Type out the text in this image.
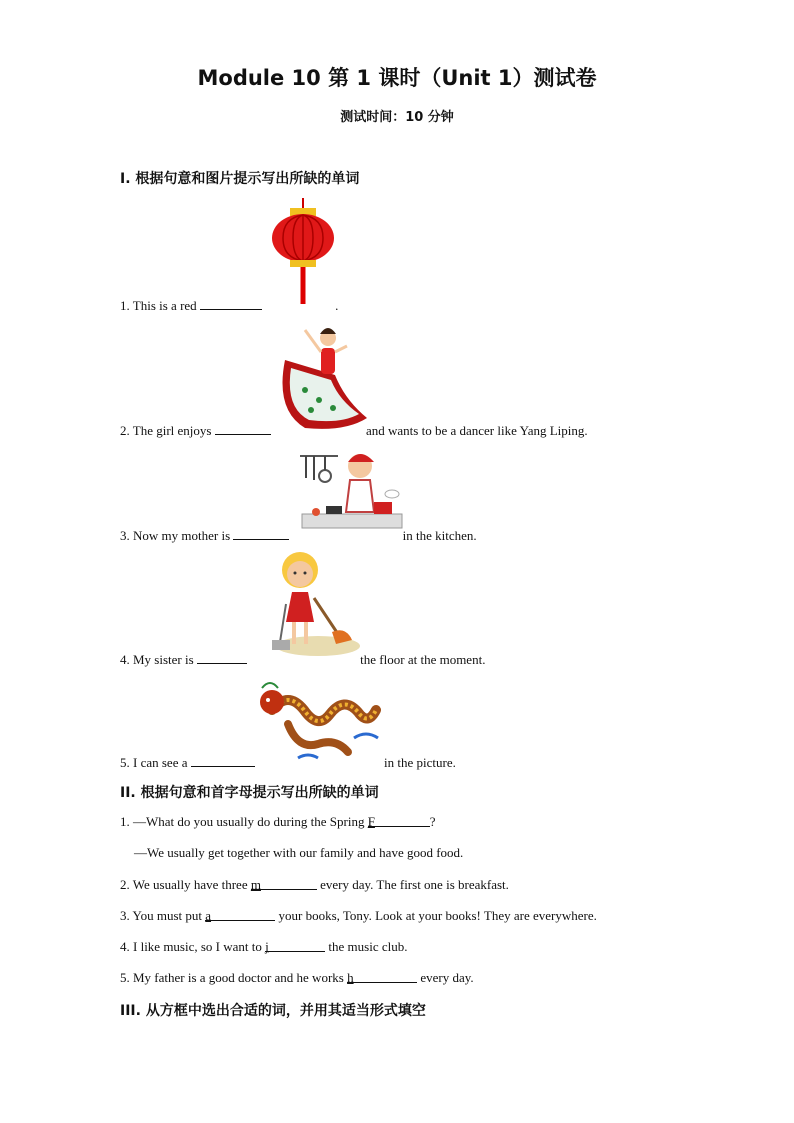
Module 10 第 1 课时（Unit 1）测试卷
测试时间：10 分钟
I. 根据句意和图片提示写出所缺的单词
1. This is a red	.
2. The girl enjoys	and wants to be a dancer like Yang Liping.
3. Now my mother is	in the kitchen.
4. My sister is	the floor at the moment.
5. I can see a	in the picture.
II. 根据句意和首字母提示写出所缺的单词
1. —What do you usually do during the Spring F	?
—We usually get together with our family and have good food.
2. We usually have three m	every day. The first one is breakfast.
3. You must put a	your books, Tony. Look at your books! They are everywhere.
4. I like music, so I want to j	the music club.
5. My father is a good doctor and he works h	every day.
III. 从方框中选出合适的词，并用其适当形式填空
